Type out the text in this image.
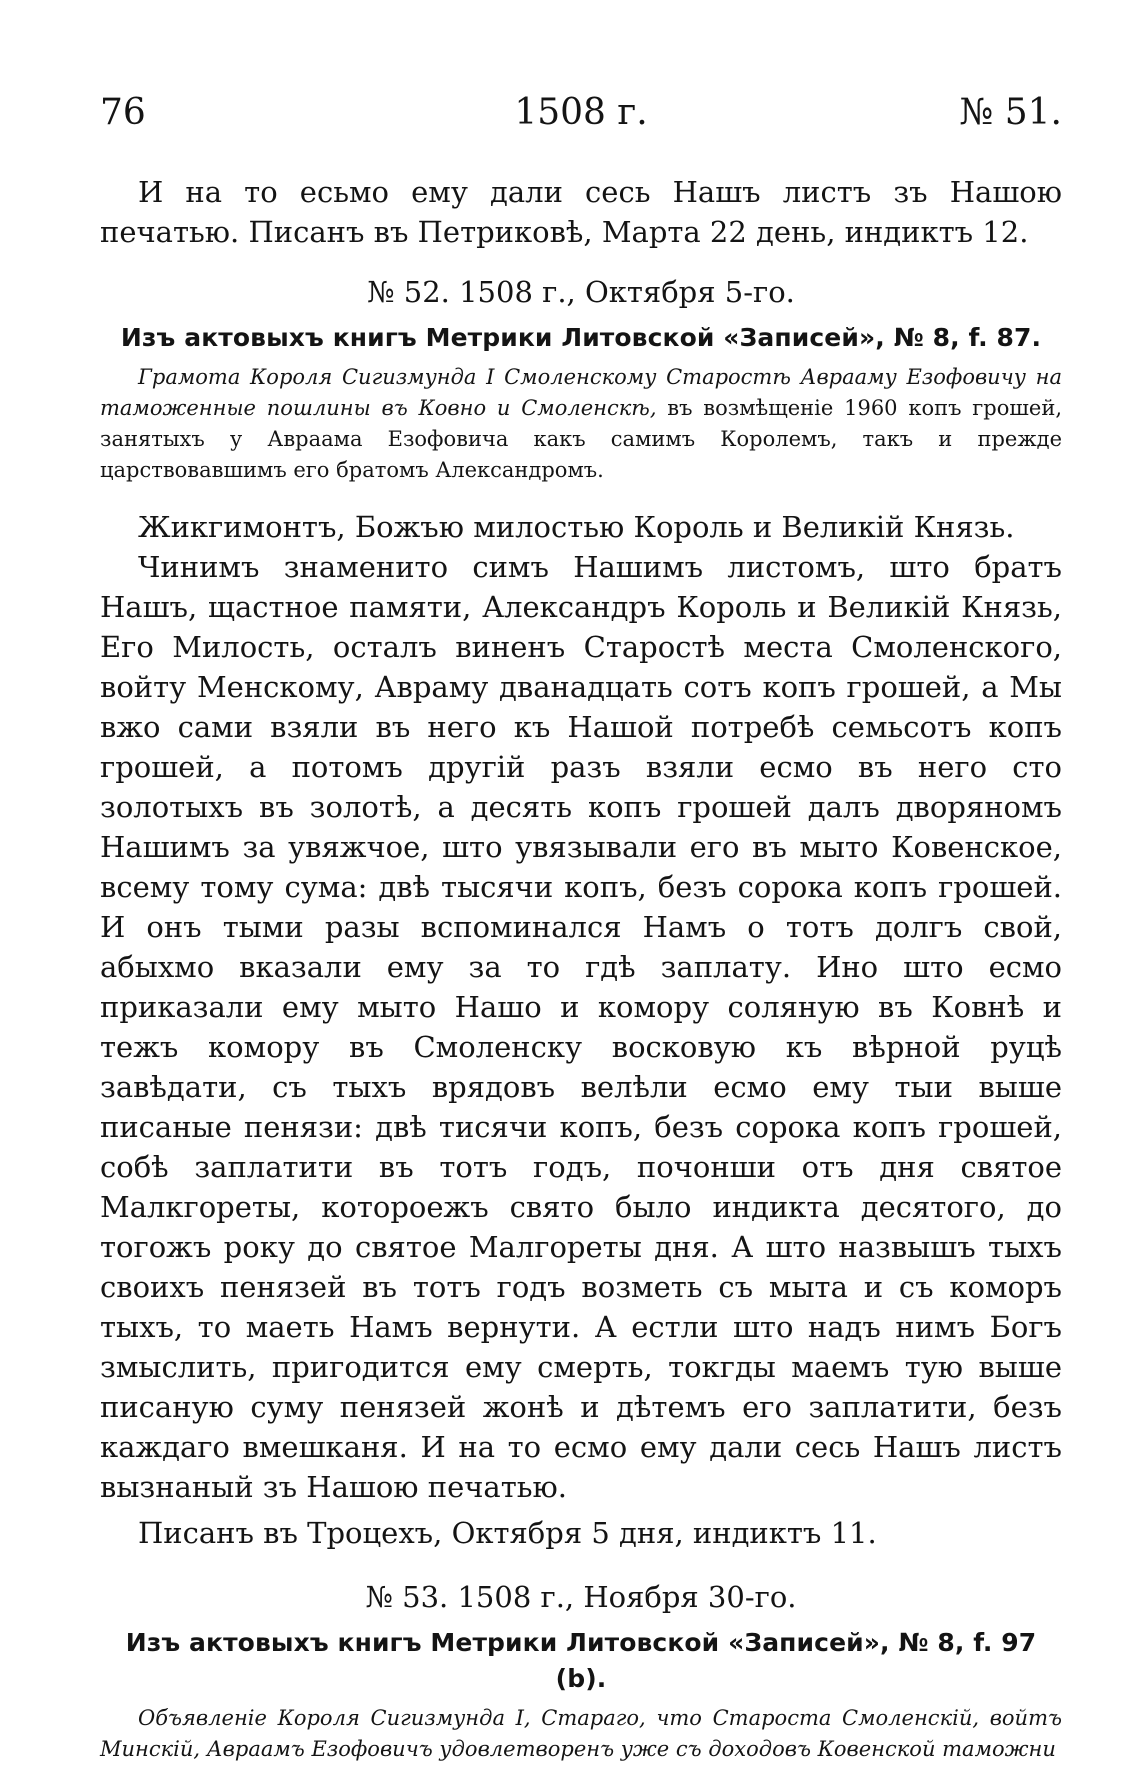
76	1508 г.	№ 51.

И на то есьмо ему дали сесь Нашъ листъ зъ Нашою печатью. Писанъ въ Петриковѣ, Марта 22 день, индиктъ 12.

№ 52. 1508 г., Октября 5-го.
Изъ актовыхъ книгъ Метрики Литовской «Записей», № 8, f. 87.

Грамота Короля Сигизмунда I Смоленскому Старостѣ Аврааму Езофовичу на таможенные пошлины въ Ковно и Смоленскѣ, въ возмѣщеніе 1960 копъ грошей, занятыхъ у Авраама Езофовича какъ самимъ Королемъ, такъ и прежде царствовавшимъ его братомъ Александромъ.

Жикгимонтъ, Божъю милостью Король и Великій Князь.

Чинимъ знаменито симъ Нашимъ листомъ, што братъ Нашъ, щастное памяти, Александръ Король и Великій Князь, Его Милость, осталъ виненъ Старостѣ места Смоленского, войту Менскому, Авраму дванадцать сотъ копъ грошей, а Мы вжо сами взяли въ него къ Нашой потребѣ семьсотъ копъ грошей, а потомъ другій разъ взяли есмо въ него сто золотыхъ въ золотѣ, а десять копъ грошей далъ дворяномъ Нашимъ за увяжчое, што увязывали его въ мыто Ковенское, всему тому сума: двѣ тысячи копъ, безъ сорока копъ грошей. И онъ тыми разы вспоминался Намъ о тотъ долгъ свой, абыхмо вказали ему за то гдѣ заплату. Ино што есмо приказали ему мыто Нашо и комору соляную въ Ковнѣ и тежъ комору въ Смоленску восковую къ вѣрной руцѣ завѣдати, съ тыхъ врядовъ велѣли есмо ему тыи выше писаные пенязи: двѣ тисячи копъ, безъ сорока копъ грошей, собѣ заплатити въ тотъ годъ, почонши отъ дня святое Малкгореты, котороежъ свято было индикта десятого, до тогожъ року до святое Малгореты дня. А што назвышъ тыхъ своихъ пенязей въ тотъ годъ возметь съ мыта и съ коморъ тыхъ, то маеть Намъ вернути. А естли што надъ нимъ Богъ змыслить, пригодится ему смерть, токгды маемъ тую выше писаную суму пенязей жонѣ и дѣтемъ его заплатити, безъ каждаго вмешканя. И на то есмо ему дали сесь Нашъ листъ вызнаный зъ Нашою печатью.

Писанъ въ Троцехъ, Октября 5 дня, индиктъ 11.

№ 53. 1508 г., Ноября 30-го.
Изъ актовыхъ книгъ Метрики Литовской «Записей», № 8, f. 97 (b).

Объявленіе Короля Сигизмунда I, Стараго, что Староста Смоленскій, войтъ Минскій, Авраамъ Езофовичъ удовлетворенъ уже съ доходовъ Ковенской таможни
